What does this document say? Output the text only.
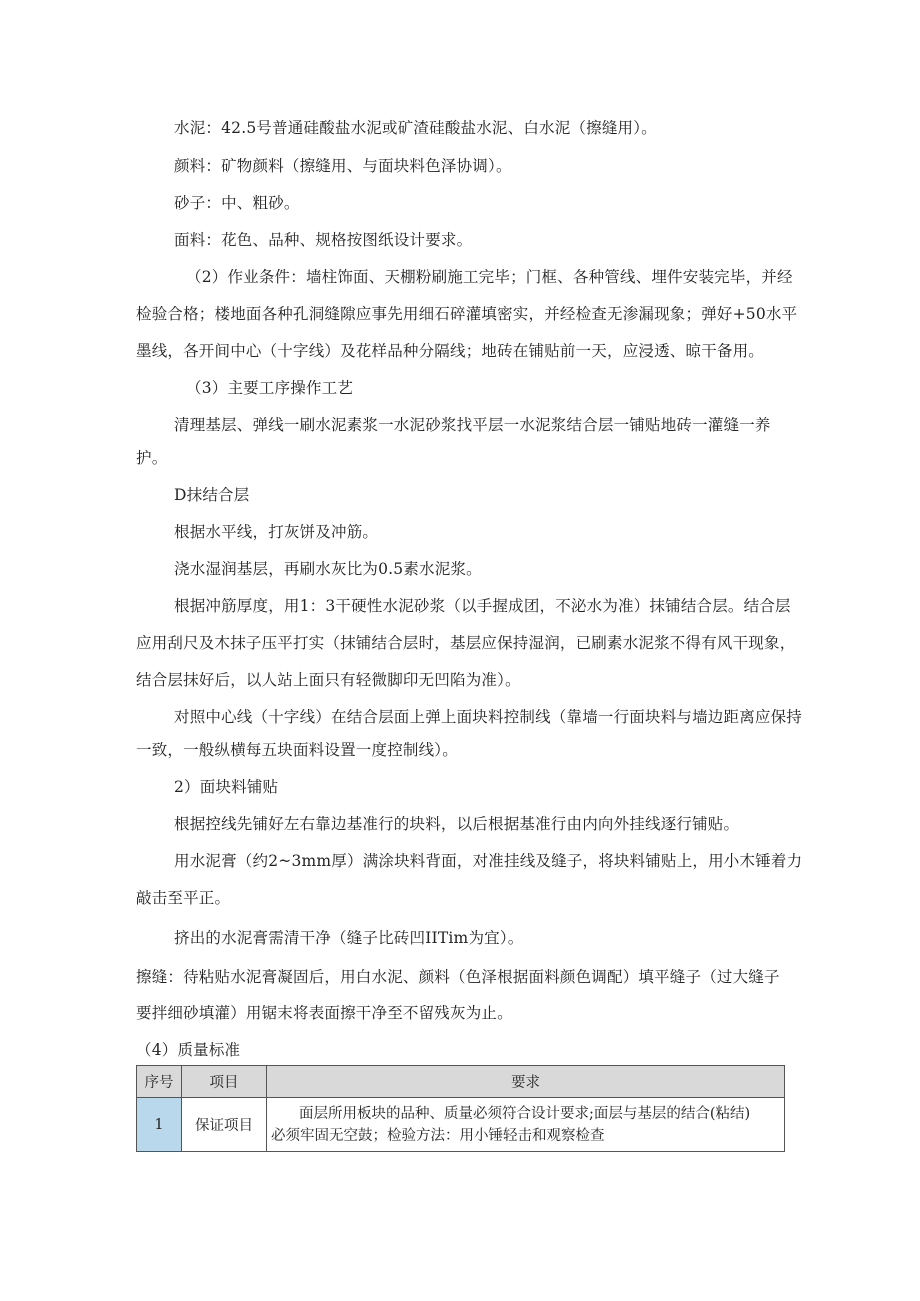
水泥：42.5号普通硅酸盐水泥或矿渣硅酸盐水泥、白水泥（擦缝用）。
颜料：矿物颜料（擦缝用、与面块料色泽协调）。
砂子：中、粗砂。
面料：花色、品种、规格按图纸设计要求。
（2）作业条件：墙柱饰面、天棚粉刷施工完毕；门框、各种管线、埋件安装完毕，并经
检验合格；楼地面各种孔洞缝隙应事先用细石碎灌填密实，并经检查无渗漏现象；弹好+50水平
墨线，各开间中心（十字线）及花样品种分隔线；地砖在铺贴前一天，应浸透、晾干备用。
（3）主要工序操作工艺
清理基层、弹线一刷水泥素浆一水泥砂浆找平层一水泥浆结合层一铺贴地砖一灌缝一养
护。
D抹结合层
根据水平线，打灰饼及冲筋。
浇水湿润基层，再刷水灰比为0.5素水泥浆。
根据冲筋厚度，用1：3干硬性水泥砂浆（以手握成团，不泌水为准）抹铺结合层。结合层
应用刮尺及木抹子压平打实（抹铺结合层时，基层应保持湿润，已刷素水泥浆不得有风干现象，
结合层抹好后，以人站上面只有轻微脚印无凹陷为准）。
对照中心线（十字线）在结合层面上弹上面块料控制线（靠墙一行面块料与墙边距离应保持
一致，一般纵横每五块面料设置一度控制线）。
2）面块料铺贴
根据控线先铺好左右靠边基准行的块料，以后根据基准行由内向外挂线逐行铺贴。
用水泥膏（约2~3mm厚）满涂块料背面，对准挂线及缝子，将块料铺贴上，用小木锤着力
敲击至平正。
挤出的水泥膏需清干净（缝子比砖凹IITim为宜）。
擦缝：待粘贴水泥膏凝固后，用白水泥、颜料（色泽根据面料颜色调配）填平缝子（过大缝子
要拌细砂填灌）用锯末将表面擦干净至不留残灰为止。
（4）质量标准
序号	项目	要求
1	保证项目	面层所用板块的品种、质量必须符合设计要求;面层与基层的结合(粘结)
必须牢固无空鼓；检验方法：用小锤轻击和观察检查
